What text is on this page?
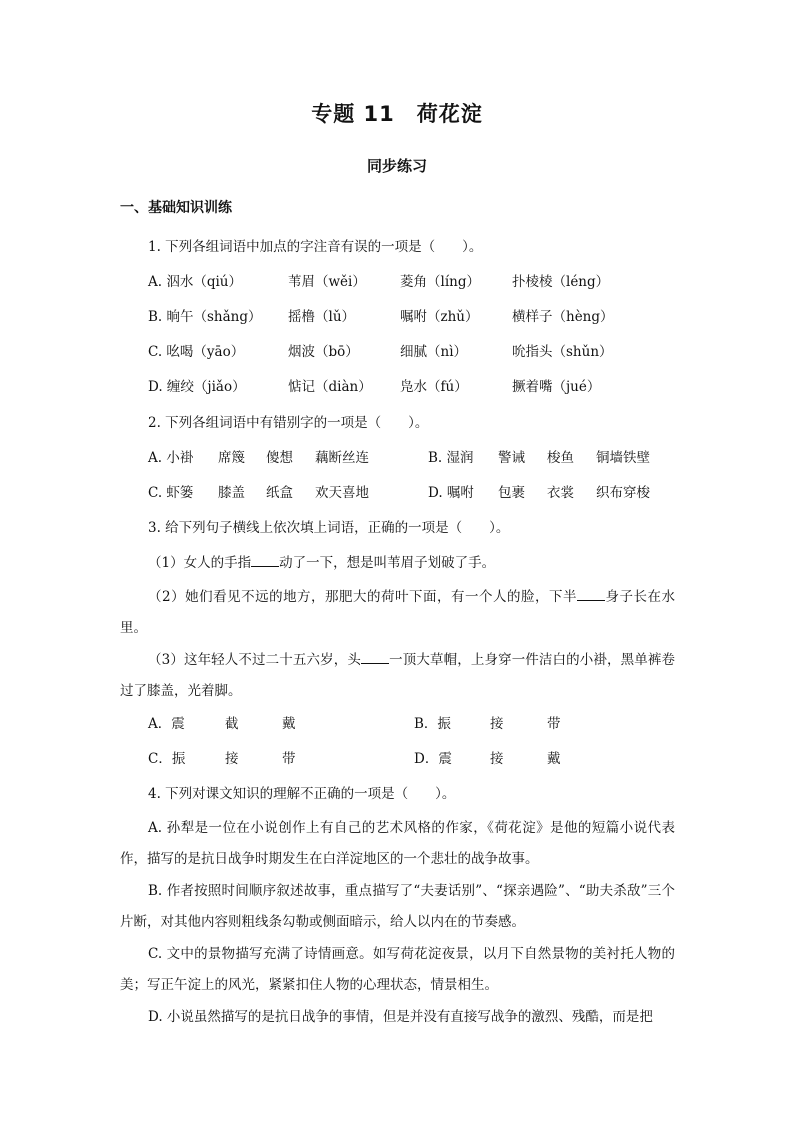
专题 11　荷花淀
同步练习
一、基础知识训练
1. 下列各组词语中加点的字注音有误的一项是（　　）。
A. 泅水（qiú）	苇眉（wěi）	菱角（líng） 扑棱棱（léng）
B. 晌午（shǎng） 摇橹（lǔ）	嘱咐（zhǔ） 横样子（hèng）
C. 吆喝（yāo）	烟波（bō）	细腻（nì）	吮指头（shǔn）
D. 缠绞（jiǎo）	惦记（diàn） 凫水（fú）	撅着嘴（jué）
2. 下列各组词语中有错别字的一项是（　　）。
A. 小褂 席篾 傻想 藕断丝连	B. 湿润 警诫 梭鱼 铜墙铁壁
C. 虾篓 膝盖 纸盒 欢天喜地	D. 嘱咐 包裹 衣裳 织布穿梭
3. 给下列句子横线上依次填上词语，正确的一项是（　　）。
（1）女人的手指 动了一下，想是叫苇眉子划破了手。
（2）她们看见不远的地方，那肥大的荷叶下面，有一个人的脸，下半 身子长在水里。
（3）这年轻人不过二十五六岁，头 一顶大草帽，上身穿一件洁白的小褂，黑单裤卷过了膝盖，光着脚。
A．震	截	戴	B．振	接	带
C．振	接	带	D．震	接	戴
4. 下列对课文知识的理解不正确的一项是（　　）。
A. 孙犁是一位在小说创作上有自己的艺术风格的作家，《荷花淀》是他的短篇小说代表作，描写的是抗日战争时期发生在白洋淀地区的一个悲壮的战争故事。
B. 作者按照时间顺序叙述故事，重点描写了“夫妻话别”、“探亲遇险”、“助夫杀敌”三个片断，对其他内容则粗线条勾勒或侧面暗示，给人以内在的节奏感。
C. 文中的景物描写充满了诗情画意。如写荷花淀夜景，以月下自然景物的美衬托人物的美；写正午淀上的风光，紧紧扣住人物的心理状态，情景相生。
D. 小说虽然描写的是抗日战争的事情，但是并没有直接写战争的激烈、残酷，而是把
